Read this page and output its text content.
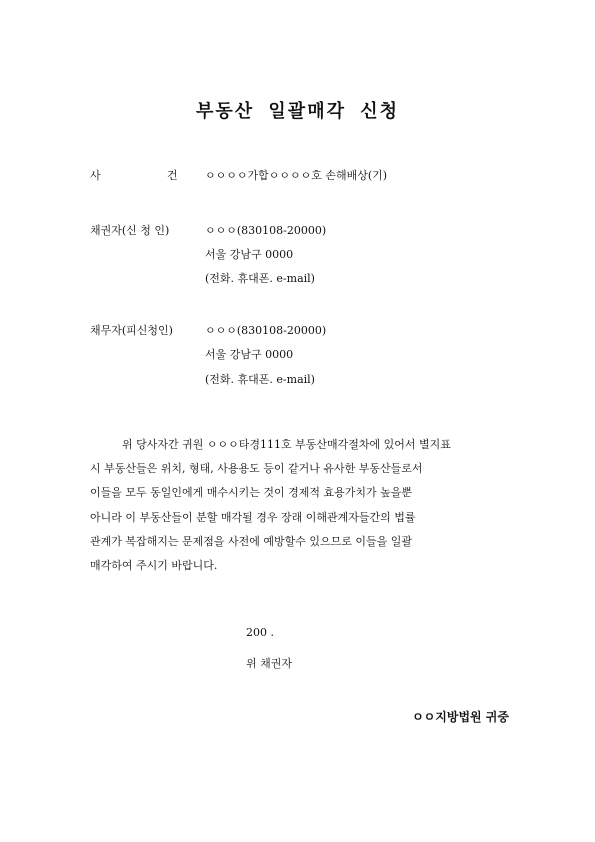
부동산 일괄매각 신청
사	건 ㅇㅇㅇㅇ가합ㅇㅇㅇㅇ호 손해배상(기)
채권자(신 청 인)	ㅇㅇㅇ(830108-20000)
서울 강남구 0000
(전화. 휴대폰. e-mail)
채무자(피신청인)	ㅇㅇㅇ(830108-20000)
서울 강남구 0000
(전화. 휴대폰. e-mail)
위 당사자간 귀원 ㅇㅇㅇ타경111호 부동산매각절차에 있어서 별지표
시 부동산들은 위치, 형태, 사용용도 등이 같거나 유사한 부동산들로서
이들을 모두 동일인에게 매수시키는 것이 경제적 효용가치가 높을뿐
아니라 이 부동산들이 분할 매각될 경우 장래 이해관계자들간의 법률
관계가 복잡해지는 문제점을 사전에 예방할수 있으므로 이들을 일괄
매각하여 주시기 바랍니다.
200 .
위 채권자
ㅇㅇ지방법원 귀중
